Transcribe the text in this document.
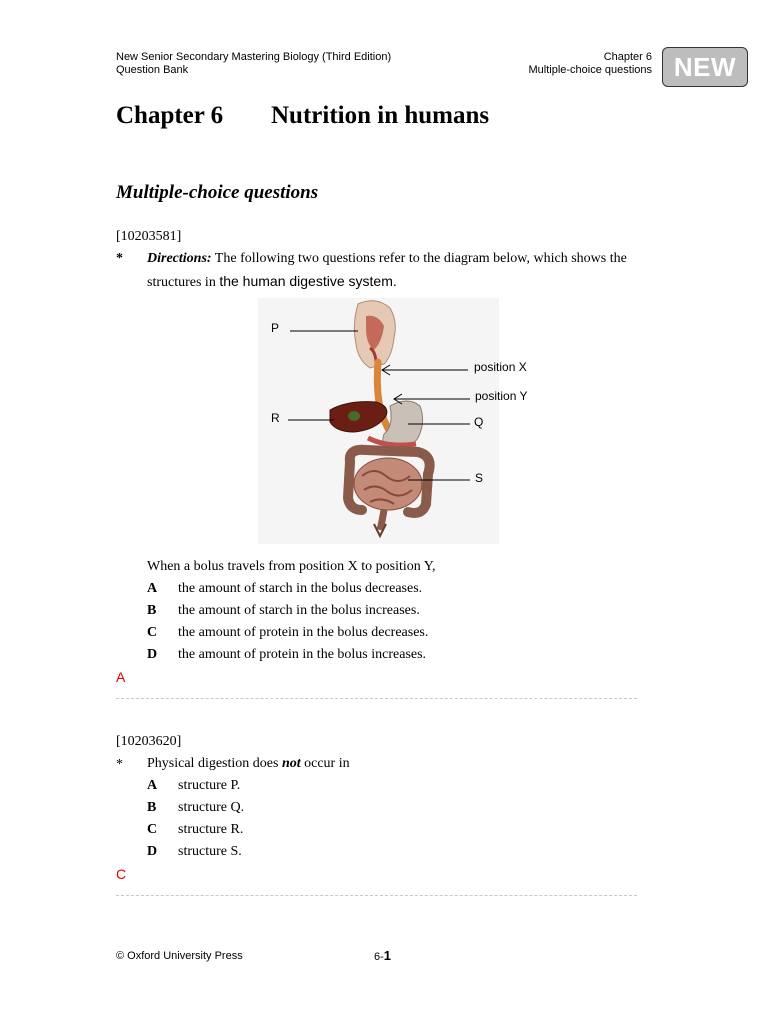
New Senior Secondary Mastering Biology (Third Edition)
Question Bank
Chapter 6
Multiple-choice questions NEW
Chapter 6 Nutrition in humans
Multiple-choice questions
[10203581]
* Directions: The following two questions refer to the diagram below, which shows the structures in the human digestive system.
P
R
position X
position Y
Q
S
When a bolus travels from position X to position Y,
A the amount of starch in the bolus decreases.
B the amount of starch in the bolus increases.
C the amount of protein in the bolus decreases.
D the amount of protein in the bolus increases.
A
[10203620]
* Physical digestion does not occur in
A structure P.
B structure Q.
C structure R.
D structure S.
C
© Oxford University Press	6-1
